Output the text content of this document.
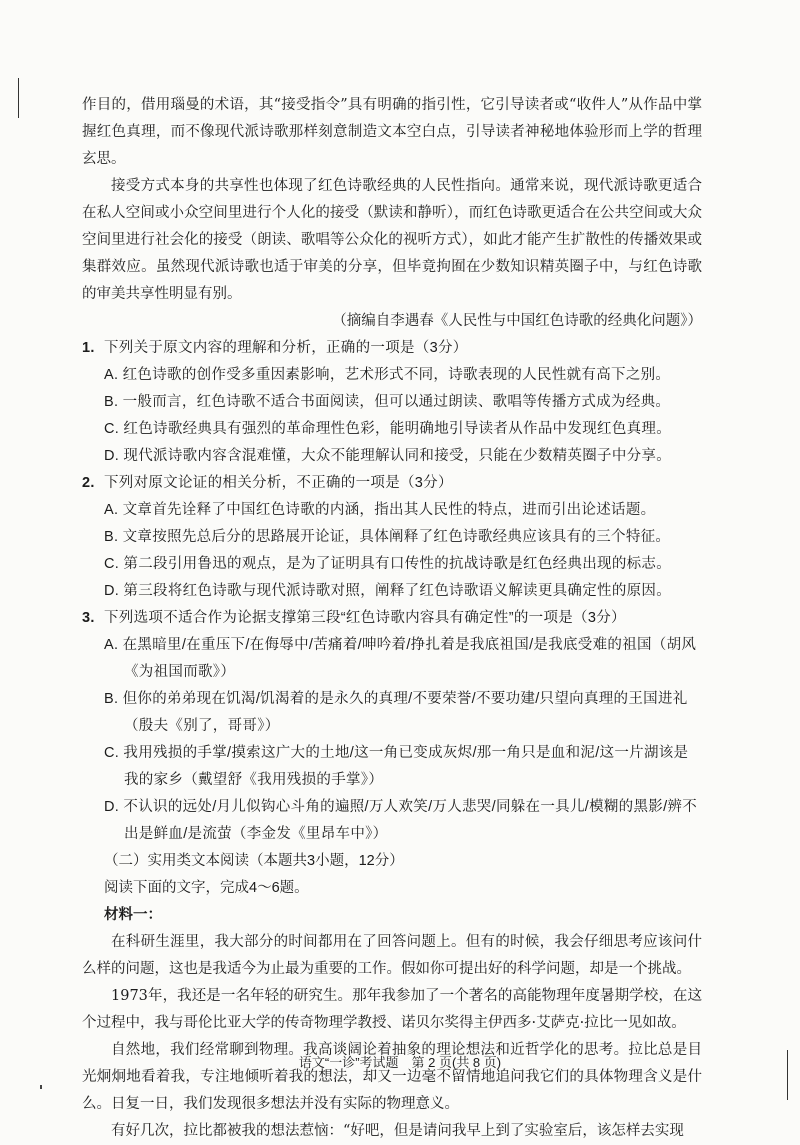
作目的，借用瑙曼的术语，其“接受指令”具有明确的指引性，它引导读者或“收件人”从作品中掌握红色真理，而不像现代派诗歌那样刻意制造文本空白点，引导读者神秘地体验形而上学的哲理玄思。

接受方式本身的共享性也体现了红色诗歌经典的人民性指向。通常来说，现代派诗歌更适合在私人空间或小众空间里进行个人化的接受（默读和静听），而红色诗歌更适合在公共空间或大众空间里进行社会化的接受（朗读、歌唱等公众化的视听方式），如此才能产生扩散性的传播效果或集群效应。虽然现代派诗歌也适于审美的分享，但毕竟拘囿在少数知识精英圈子中，与红色诗歌的审美共享性明显有别。

（摘编自李遇春《人民性与中国红色诗歌的经典化问题》）

1. 下列关于原文内容的理解和分析，正确的一项是（3分）

A. 红色诗歌的创作受多重因素影响，艺术形式不同，诗歌表现的人民性就有高下之别。

B. 一般而言，红色诗歌不适合书面阅读，但可以通过朗读、歌唱等传播方式成为经典。

C. 红色诗歌经典具有强烈的革命理性色彩，能明确地引导读者从作品中发现红色真理。

D. 现代派诗歌内容含混难懂，大众不能理解认同和接受，只能在少数精英圈子中分享。

2. 下列对原文论证的相关分析，不正确的一项是（3分）

A. 文章首先诠释了中国红色诗歌的内涵，指出其人民性的特点，进而引出论述话题。

B. 文章按照先总后分的思路展开论证，具体阐释了红色诗歌经典应该具有的三个特征。

C. 第二段引用鲁迅的观点，是为了证明具有口传性的抗战诗歌是红色经典出现的标志。

D. 第三段将红色诗歌与现代派诗歌对照，阐释了红色诗歌语义解读更具确定性的原因。

3. 下列选项不适合作为论据支撑第三段“红色诗歌内容具有确定性”的一项是（3分）

A. 在黑暗里/在重压下/在侮辱中/苦痛着/呻吟着/挣扎着是我底祖国/是我底受难的祖国（胡风《为祖国而歌》）

B. 但你的弟弟现在饥渴/饥渴着的是永久的真理/不要荣誉/不要功建/只望向真理的王国进礼（殷夫《别了，哥哥》）

C. 我用残损的手掌/摸索这广大的土地/这一角已变成灰烬/那一角只是血和泥/这一片湖该是我的家乡（戴望舒《我用残损的手掌》）

D. 不认识的远处/月儿似钩心斗角的遍照/万人欢笑/万人悲哭/同躲在一具儿/模糊的黑影/辨不出是鲜血/是流萤（李金发《里昂车中》）

（二）实用类文本阅读（本题共3小题，12分）

阅读下面的文字，完成4～6题。

材料一：

在科研生涯里，我大部分的时间都用在了回答问题上。但有的时候，我会仔细思考应该问什么样的问题，这也是我适今为止最为重要的工作。假如你可提出好的科学问题，却是一个挑战。

1973年，我还是一名年轻的研究生。那年我参加了一个著名的高能物理年度暑期学校，在这个过程中，我与哥伦比亚大学的传奇物理学教授、诺贝尔奖得主伊西多·艾萨克·拉比一见如故。

自然地，我们经常聊到物理。我高谈阔论着抽象的理论想法和近哲学化的思考。拉比总是目光炯炯地看着我，专注地倾听着我的想法，却又一边毫不留情地追问我它们的具体物理含义是什么。日复一日，我们发现很多想法并没有实际的物理意义。

有好几次，拉比都被我的想法惹恼：“好吧，但是请问我早上到了实验室后，该怎样去实现

语文“一诊”考试题　第 2 页(共 8 页)
